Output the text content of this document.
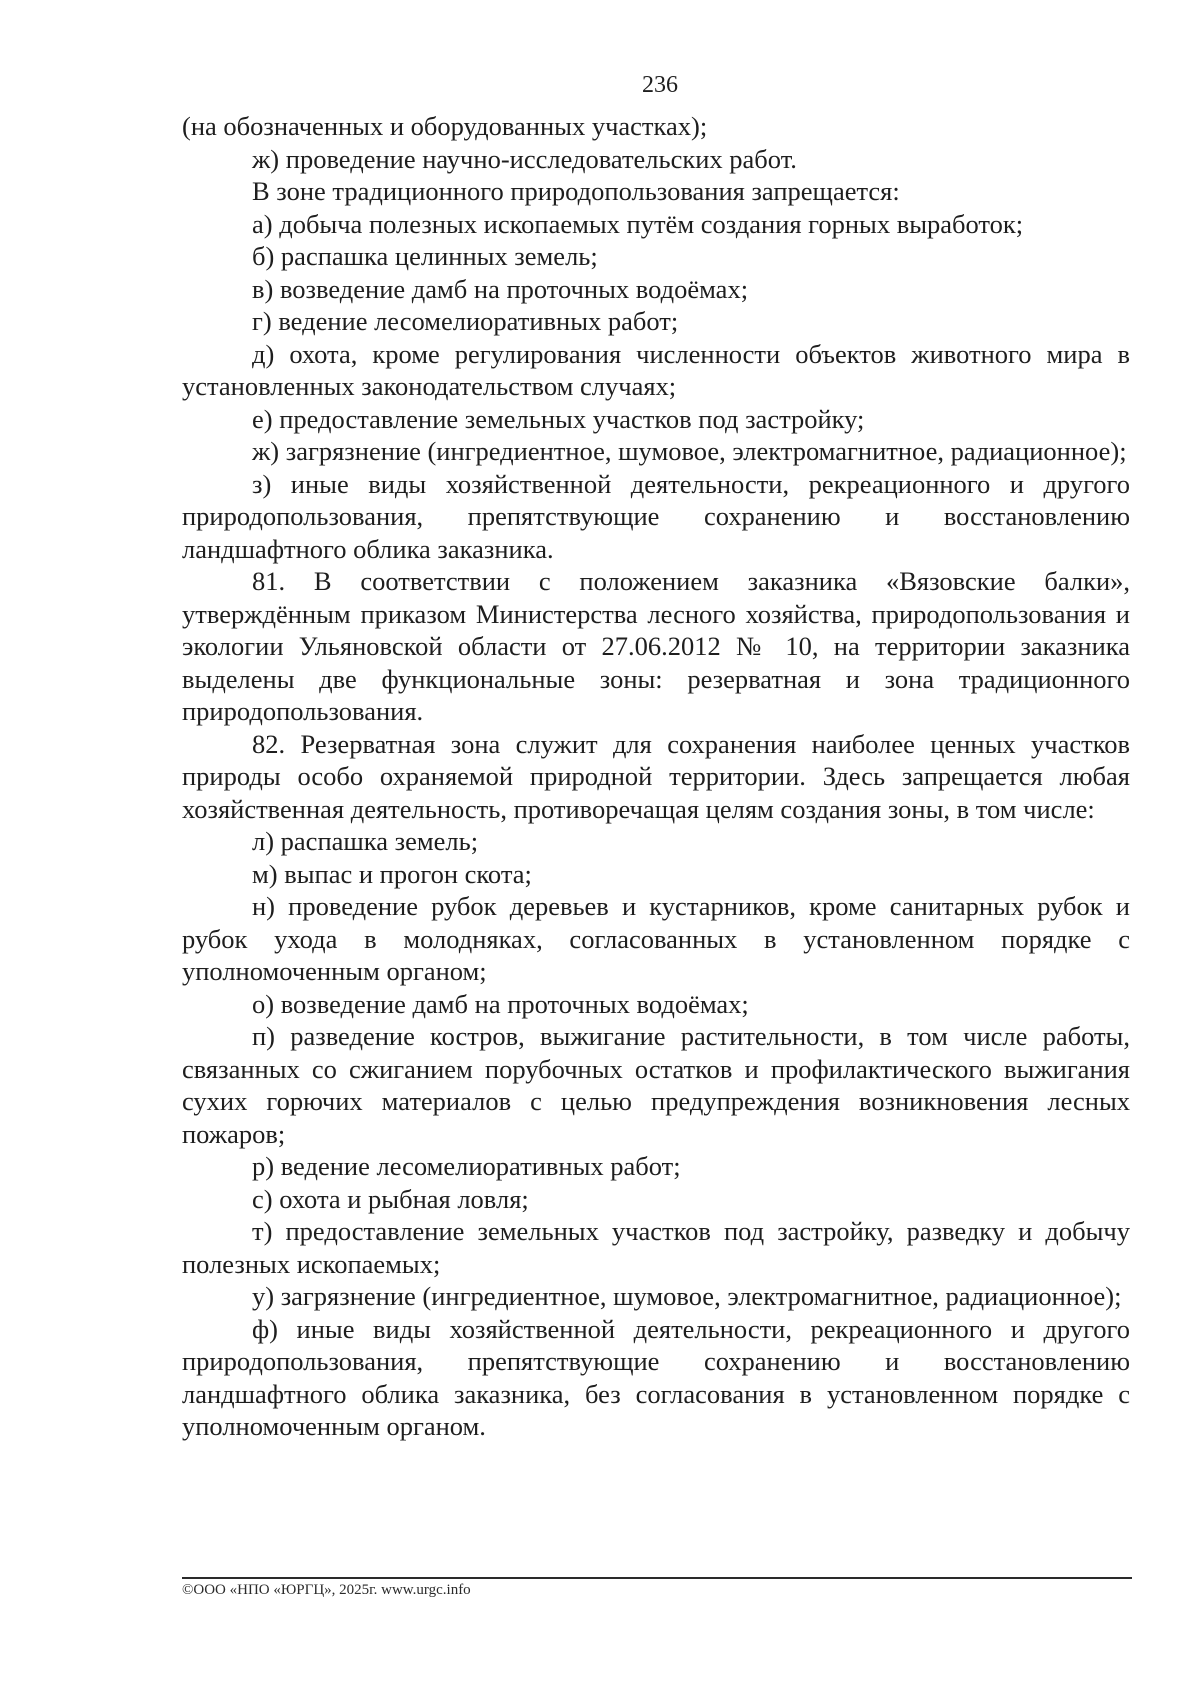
236

(на обозначенных и оборудованных участках);

ж) проведение научно-исследовательских работ.

В зоне традиционного природопользования запрещается:

а) добыча полезных ископаемых путём создания горных выработок;

б) распашка целинных земель;

в) возведение дамб на проточных водоёмах;

г) ведение лесомелиоративных работ;

д) охота, кроме регулирования численности объектов животного мира в установленных законодательством случаях;

е) предоставление земельных участков под застройку;

ж) загрязнение (ингредиентное, шумовое, электромагнитное, радиационное);

з) иные виды хозяйственной деятельности, рекреационного и другого природопользования, препятствующие сохранению и восстановлению ландшафтного облика заказника.

81. В соответствии с положением заказника «Вязовские балки», утверждённым приказом Министерства лесного хозяйства, природопользования и экологии Ульяновской области от 27.06.2012 № 10, на территории заказника выделены две функциональные зоны: резерватная и зона традиционного природопользования.

82. Резерватная зона служит для сохранения наиболее ценных участков природы особо охраняемой природной территории. Здесь запрещается любая хозяйственная деятельность, противоречащая целям создания зоны, в том числе:

л) распашка земель;

м) выпас и прогон скота;

н) проведение рубок деревьев и кустарников, кроме санитарных рубок и рубок ухода в молодняках, согласованных в установленном порядке с уполномоченным органом;

о) возведение дамб на проточных водоёмах;

п) разведение костров, выжигание растительности, в том числе работы, связанных со сжиганием порубочных остатков и профилактического выжигания сухих горючих материалов с целью предупреждения возникновения лесных пожаров;

р) ведение лесомелиоративных работ;

с) охота и рыбная ловля;

т) предоставление земельных участков под застройку, разведку и добычу полезных ископаемых;

у) загрязнение (ингредиентное, шумовое, электромагнитное, радиационное);

ф) иные виды хозяйственной деятельности, рекреационного и другого природопользования, препятствующие сохранению и восстановлению ландшафтного облика заказника, без согласования в установленном порядке с уполномоченным органом.

©ООО «НПО «ЮРГЦ», 2025г. www.urgc.info
